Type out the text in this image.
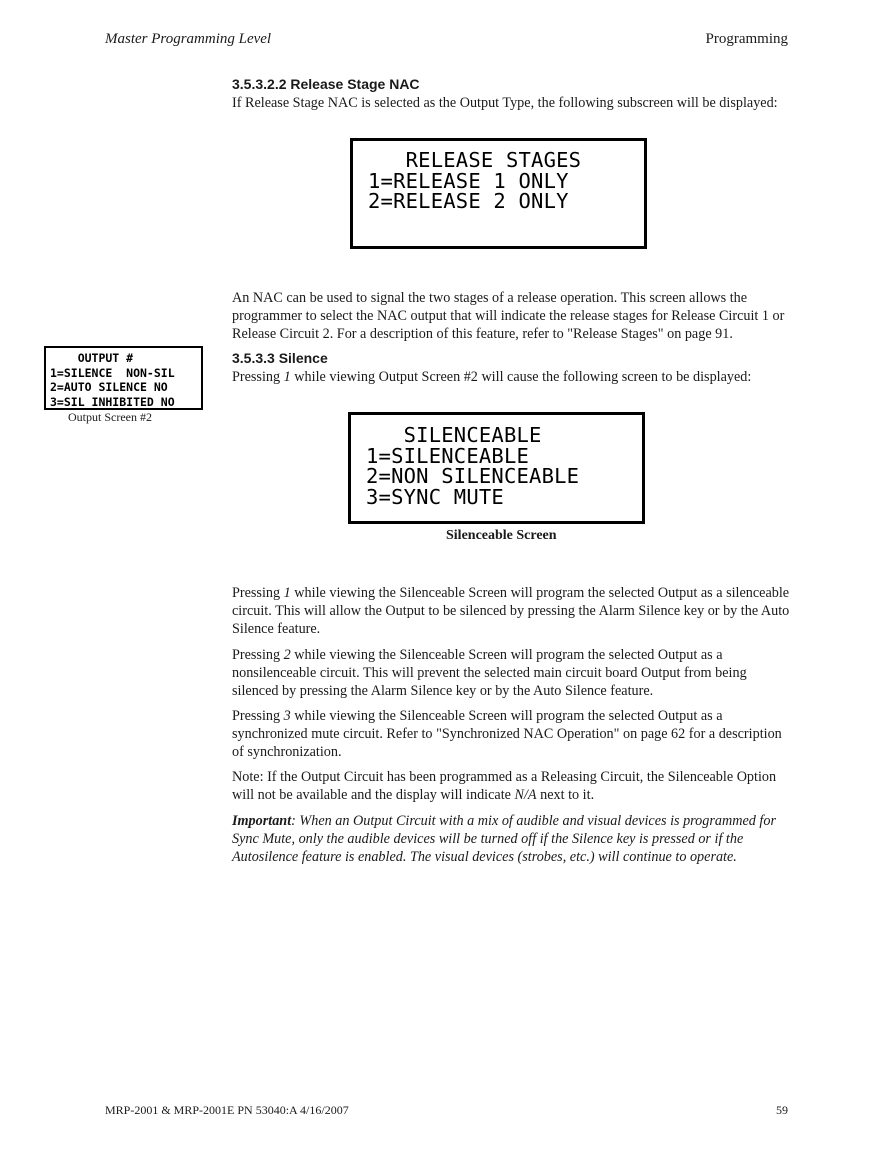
Master Programming Level	Programming
3.5.3.2.2 Release Stage NAC

If Release Stage NAC is selected as the Output Type, the following subscreen will be displayed:

RELEASE STAGES
1=RELEASE 1 ONLY
2=RELEASE 2 ONLY

An NAC can be used to signal the two stages of a release operation. This screen allows the programmer to select the NAC output that will indicate the release stages for Release Circuit 1 or Release Circuit 2. For a description of this feature, refer to "Release Stages" on page 91.

OUTPUT #
1=SILENCE  NON-SIL
2=AUTO SILENCE NO
3=SIL INHIBITED NO
Output Screen #2
3.5.3.3 Silence

Pressing 1 while viewing Output Screen #2 will cause the following screen to be displayed:

SILENCEABLE
1=SILENCEABLE
2=NON SILENCEABLE
3=SYNC MUTE
Silenceable Screen

Pressing 1 while viewing the Silenceable Screen will program the selected Output as a silenceable circuit. This will allow the Output to be silenced by pressing the Alarm Silence key or by the Auto Silence feature.

Pressing 2 while viewing the Silenceable Screen will program the selected Output as a nonsilenceable circuit. This will prevent the selected main circuit board Output from being silenced by pressing the Alarm Silence key or by the Auto Silence feature.

Pressing 3 while viewing the Silenceable Screen will program the selected Output as a synchronized mute circuit. Refer to "Synchronized NAC Operation" on page 62 for a description of synchronization.

Note: If the Output Circuit has been programmed as a Releasing Circuit, the Silenceable Option will not be available and the display will indicate N/A next to it.

Important: When an Output Circuit with a mix of audible and visual devices is programmed for Sync Mute, only the audible devices will be turned off if the Silence key is pressed or if the Autosilence feature is enabled. The visual devices (strobes, etc.) will continue to operate.

MRP-2001 & MRP-2001E PN 53040:A 4/16/2007	59
